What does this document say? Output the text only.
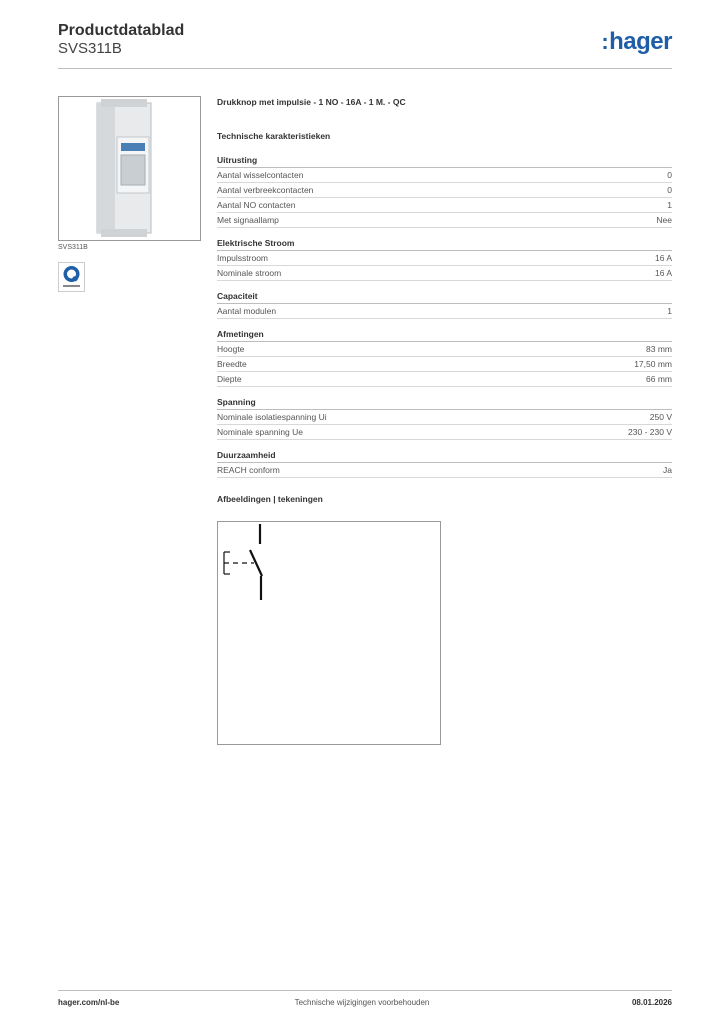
Productdatablad
SVS311B	:hager
SVS311B
Drukknop met impulsie - 1 NO - 16A - 1 M. - QC
Technische karakteristieken
Uitrusting
Aantal wisselcontacten	0
Aantal verbreekcontacten	0
Aantal NO contacten	1
Met signaallamp	Nee
Elektrische Stroom
Impulsstroom	16 A
Nominale stroom	16 A
Capaciteit
Aantal modulen	1
Afmetingen
Hoogte	83 mm
Breedte	17,50 mm
Diepte	66 mm
Spanning
Nominale isolatiespanning Ui	250 V
Nominale spanning Ue	230 - 230 V
Duurzaamheid
REACH conform	Ja
Afbeeldingen | tekeningen
hager.com/nl-be	Technische wijzigingen voorbehouden	08.01.2026
